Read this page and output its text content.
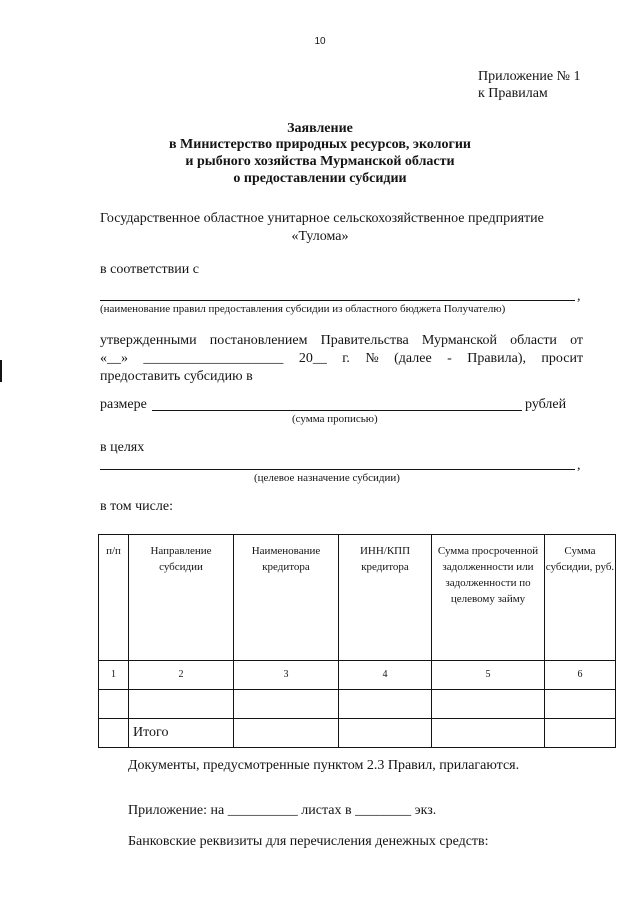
10
Приложение № 1
к Правилам
Заявление
в Министерство природных ресурсов, экологии
и рыбного хозяйства Мурманской области
о предоставлении субсидии
Государственное областное унитарное сельскохозяйственное предприятие
«Тулома»
в соответствии с
,
(наименование правил предоставления субсидии из областного бюджета Получателю)
утвержденными постановлением Правительства Мурманской области от
«__» ____________________ 20__ г. № (далее - Правила), просит
предоставить субсидию в
размере	рублей
(сумма прописью)
в целях
,
(целевое назначение субсидии)
в том числе:
п/п	Направление субсидии	Наименование кредитора	ИНН/КПП кредитора	Сумма просроченной задолженности или задолженности по целевому займу	Сумма субсидии, руб.
1	2	3	4	5	6

	Итого				
Документы, предусмотренные пунктом 2.3 Правил, прилагаются.
Приложение: на __________ листах в ________ экз.
Банковские реквизиты для перечисления денежных средств:
